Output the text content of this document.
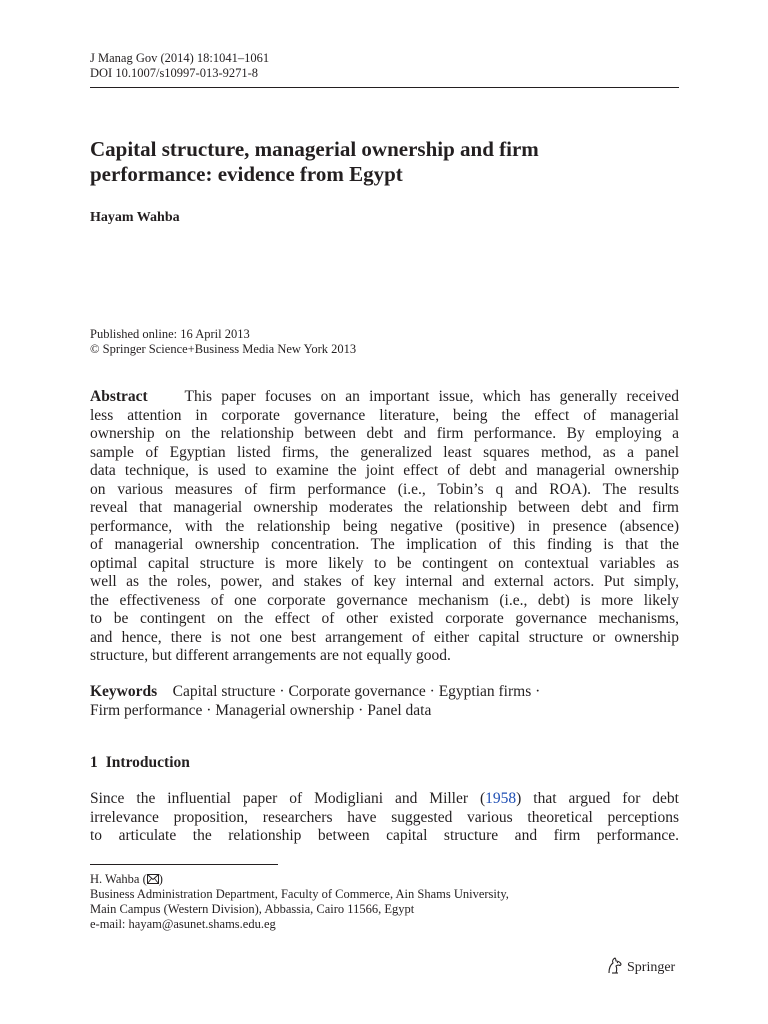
J Manag Gov (2014) 18:1041–1061
DOI 10.1007/s10997-013-9271-8
Capital structure, managerial ownership and firm
performance: evidence from Egypt
Hayam Wahba
Published online: 16 April 2013
© Springer Science+Business Media New York 2013
Abstract This paper focuses on an important issue, which has generally received
less attention in corporate governance literature, being the effect of managerial
ownership on the relationship between debt and firm performance. By employing a
sample of Egyptian listed firms, the generalized least squares method, as a panel
data technique, is used to examine the joint effect of debt and managerial ownership
on various measures of firm performance (i.e., Tobin’s q and ROA). The results
reveal that managerial ownership moderates the relationship between debt and firm
performance, with the relationship being negative (positive) in presence (absence)
of managerial ownership concentration. The implication of this finding is that the
optimal capital structure is more likely to be contingent on contextual variables as
well as the roles, power, and stakes of key internal and external actors. Put simply,
the effectiveness of one corporate governance mechanism (i.e., debt) is more likely
to be contingent on the effect of other existed corporate governance mechanisms,
and hence, there is not one best arrangement of either capital structure or ownership
structure, but different arrangements are not equally good.
Keywords Capital structure · Corporate governance · Egyptian firms ·
Firm performance · Managerial ownership · Panel data
1 Introduction
Since the influential paper of Modigliani and Miller (1958) that argued for debt
irrelevance proposition, researchers have suggested various theoretical perceptions
to articulate the relationship between capital structure and firm performance.
H. Wahba ( )
Business Administration Department, Faculty of Commerce, Ain Shams University,
Main Campus (Western Division), Abbassia, Cairo 11566, Egypt
e-mail: hayam@asunet.shams.edu.eg
Springer
